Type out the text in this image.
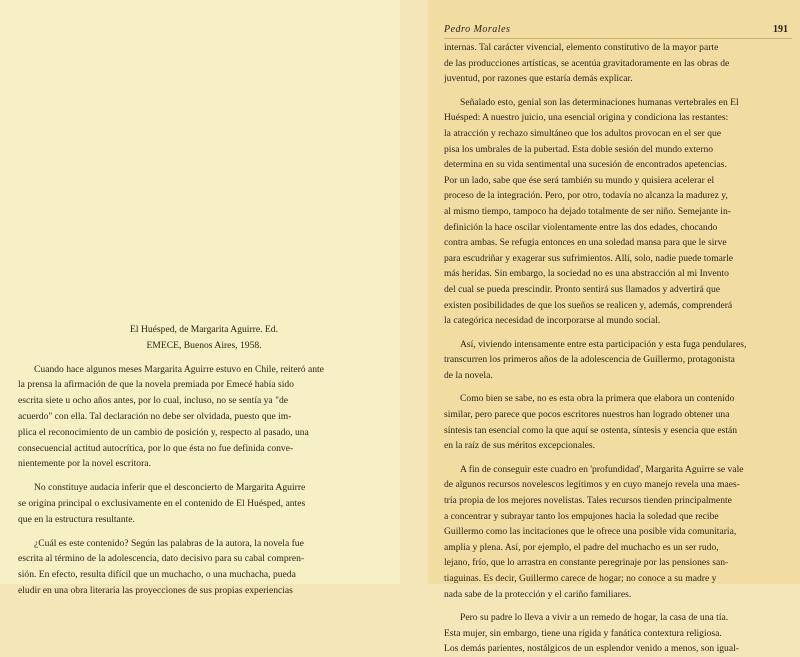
El Huésped, de Margarita Aguirre. Ed.
EMECE, Buenos Aires, 1958.
Cuando hace algunos meses Margarita Aguirre estuvo en Chile, reiteró ante
la prensa la afirmación de que la novela premiada por Emecé había sido
escrita siete u ocho años antes, por lo cual, incluso, no se sentía ya "de
acuerdo" con ella. Tal declaración no debe ser olvidada, puesto que im-
plica el reconocimiento de un cambio de posición y, respecto al pasado, una
consecuencial actitud autocrítica, por lo que ésta no fue definida conve-
nientemente por la novel escritora.
No constituye audacia inferir que el desconcierto de Margarita Aguirre
se origina principal o exclusivamente en el contenido de El Huésped, antes
que en la estructura resultante.
¿Cuál es este contenido? Según las palabras de la autora, la novela fue
escrita al término de la adolescencia, dato decisivo para su cabal compren-
sión. En efecto, resulta difícil que un muchacho, o una muchacha, pueda
eludir en una obra literaria las proyecciones de sus propias experiencias
Pedro Morales	191
internas. Tal carácter vivencial, elemento constitutivo de la mayor parte
de las producciones artísticas, se acentúa gravitadoramente en las obras de
juventud, por razones que estaría demás explicar.
Señalado esto, genial son las determinaciones humanas vertebrales en El
Huésped: A nuestro juicio, una esencial origina y condiciona las restantes:
la atracción y rechazo simultáneo que los adultos provocan en el ser que
pisa los umbrales de la pubertad. Esta doble sesión del mundo externo
determina en su vida sentimental una sucesión de encontrados apetencias.
Por un lado, sabe que ése será también su mundo y quisiera acelerar el
proceso de la integración. Pero, por otro, todavía no alcanza la madurez y,
al mismo tiempo, tampoco ha dejado totalmente de ser niño. Semejante in-
definición la hace oscilar violentamente entre las dos edades, chocando
contra ambas. Se refugia entonces en una soledad mansa para que le sirve
para escudriñar y exagerar sus sufrimientos. Allí, solo, nadie puede tomarle
más heridas. Sin embargo, la sociedad no es una abstracción al mi Invento
del cual se pueda prescindir. Pronto sentirá sus llamados y advertirá que
existen posibilidades de que los sueños se realicen y, además, comprenderá
la categórica necesidad de incorporarse al mundo social.
Así, viviendo intensamente entre esta participación y esta fuga pendulares,
transcurren los primeros años de la adolescencia de Guillermo, protagonista
de la novela.
Como bien se sabe, no es esta obra la primera que elabora un contenido
similar, pero parece que pocos escritores nuestros han logrado obtener una
síntesis tan esencial como la que aquí se ostenta, síntesis y esencia que están
en la raíz de sus méritos excepcionales.
A fin de conseguir este cuadro en 'profundidad', Margarita Aguirre se vale
de algunos recursos novelescos legítimos y en cuyo manejo revela una maes-
tría propia de los mejores novelistas. Tales recursos tienden principalmente
a concentrar y subrayar tanto los empujones hacia la soledad que recibe
Guillermo como las incitaciones que le ofrece una posible vida comunitaria,
amplia y plena. Así, por ejemplo, el padre del muchacho es un ser rudo,
lejano, frío, que lo arrastra en constante peregrinaje por las pensiones san-
tiaguinas. Es decir, Guillermo carece de hogar; no conoce a su madre y
nada sabe de la protección y el cariño familiares.
Pero su padre lo lleva a vivir a un remedo de hogar, la casa de una tía.
Esta mujer, sin embargo, tiene una rígida y fanática contextura religiosa.
Los demás parientes, nostálgicos de un esplendor venido a menos, son igual-
